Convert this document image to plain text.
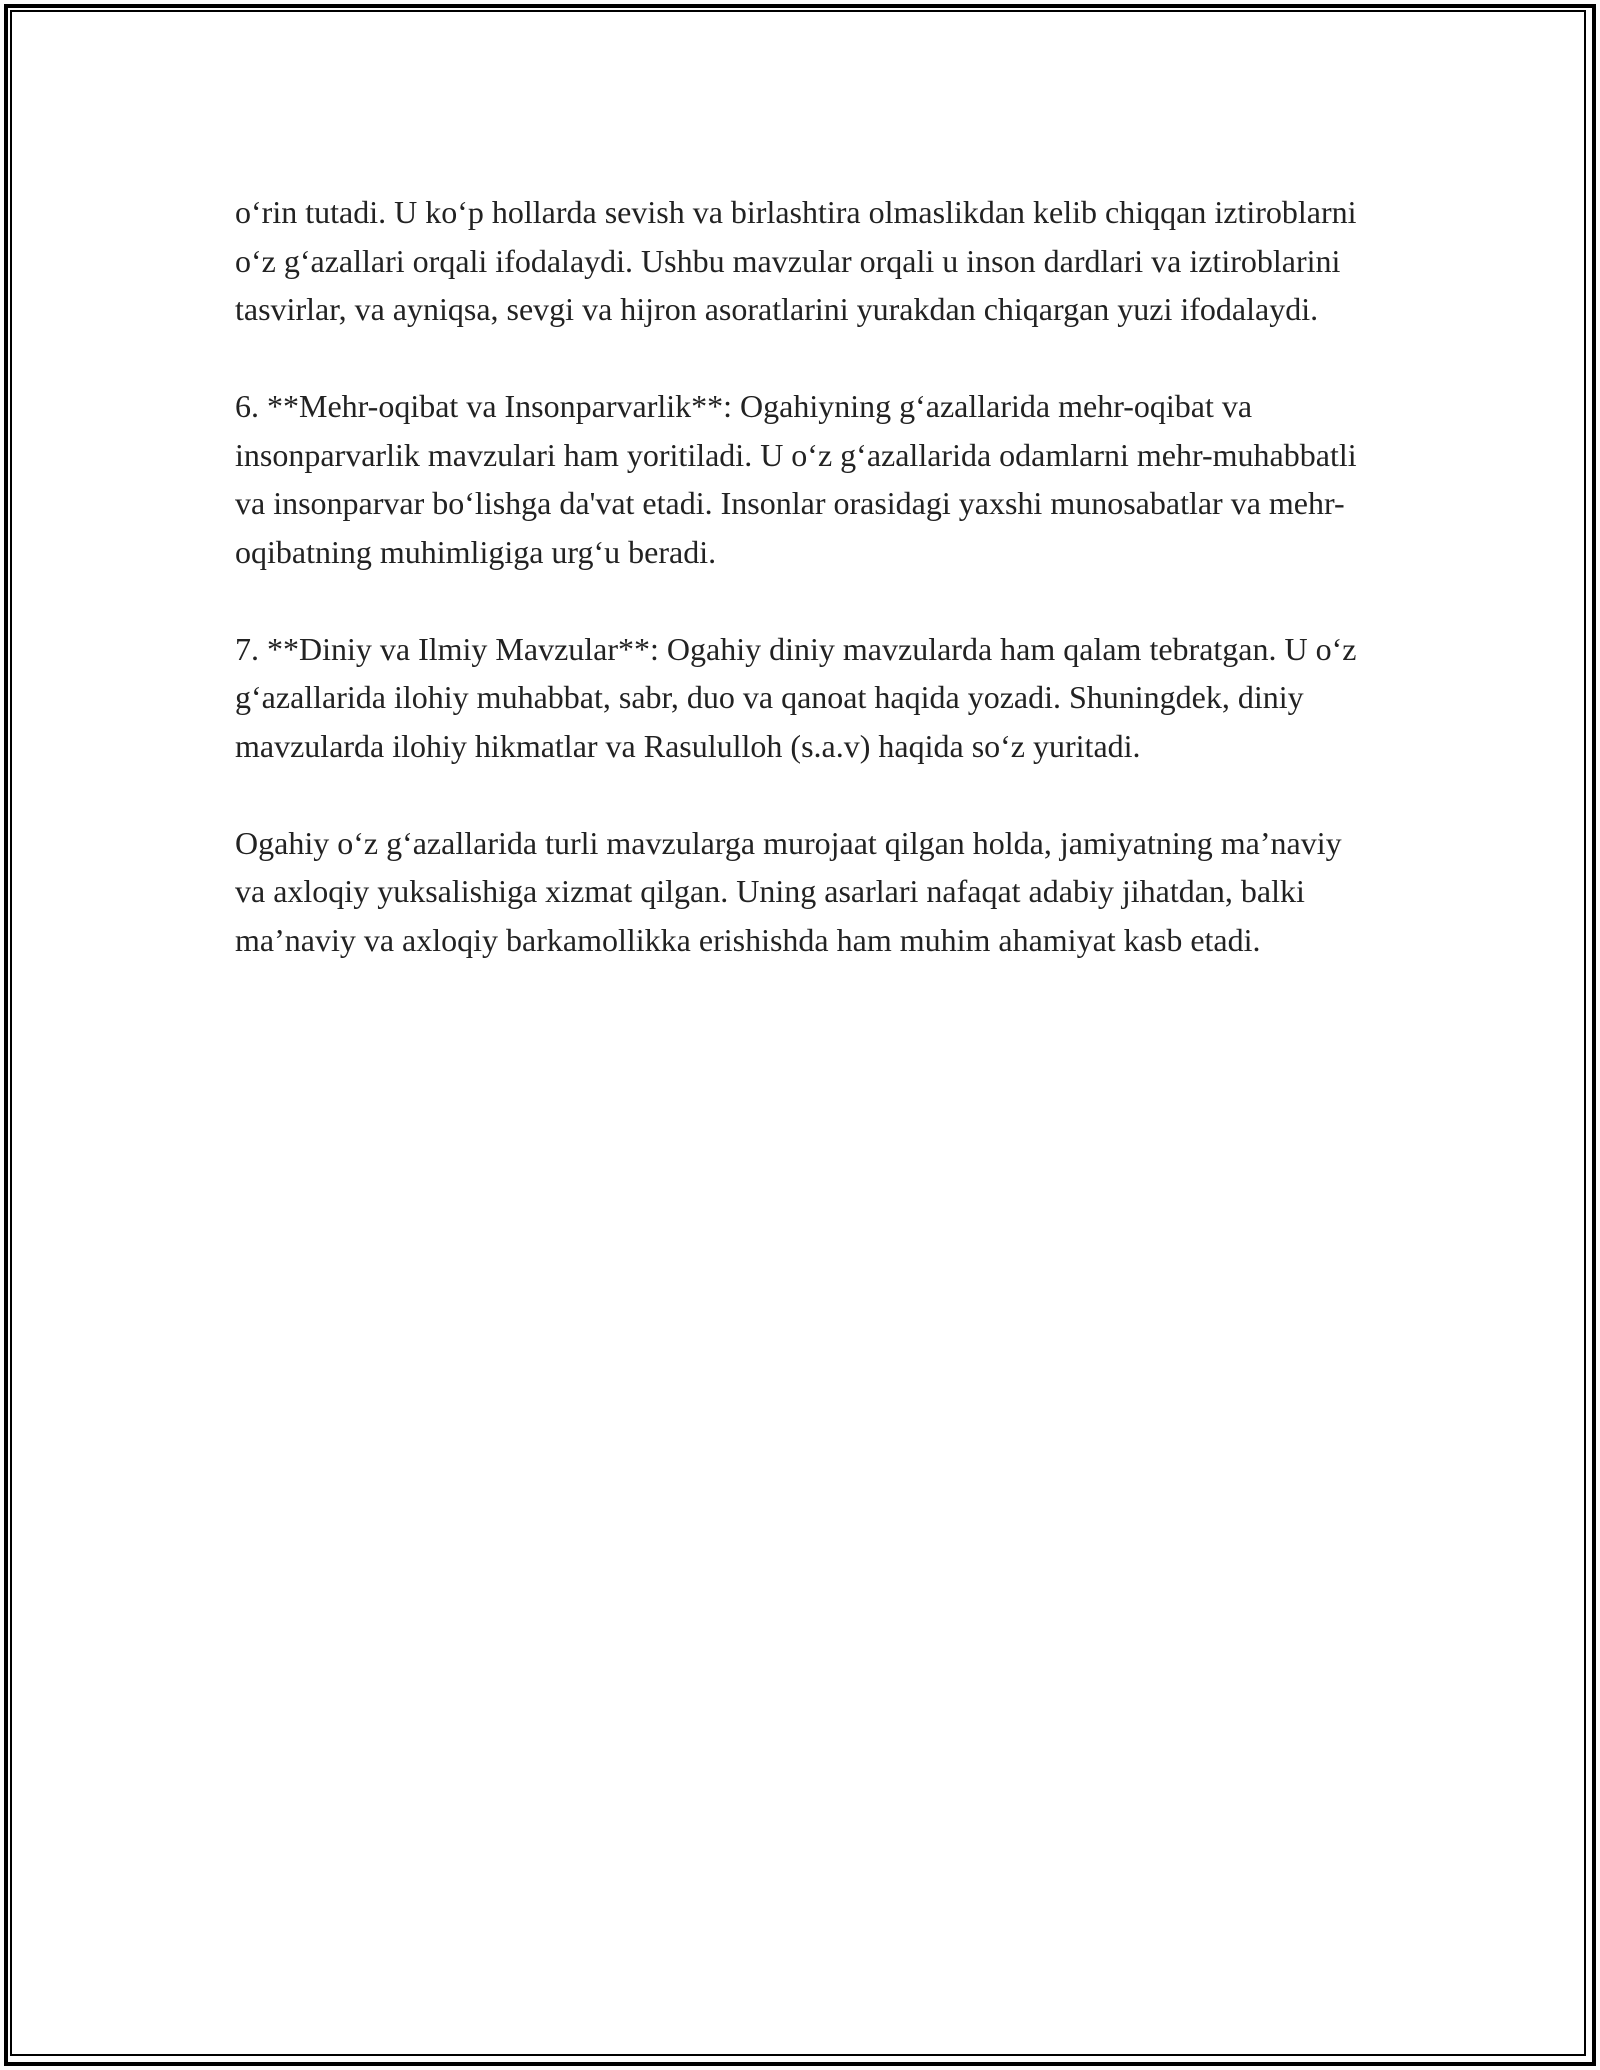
o‘rin tutadi. U ko‘p hollarda sevish va birlashtira olmaslikdan kelib chiqqan iztiroblarni o‘z g‘azallari orqali ifodalaydi. Ushbu mavzular orqali u inson dardlari va iztiroblarini tasvirlar, va ayniqsa, sevgi va hijron asoratlarini yurakdan chiqargan yuzi ifodalaydi.

6. **Mehr-oqibat va Insonparvarlik**: Ogahiyning g‘azallarida mehr-oqibat va insonparvarlik mavzulari ham yoritiladi. U o‘z g‘azallarida odamlarni mehr-muhabbatli va insonparvar bo‘lishga da'vat etadi. Insonlar orasidagi yaxshi munosabatlar va mehr-oqibatning muhimligiga urg‘u beradi.

7. **Diniy va Ilmiy Mavzular**: Ogahiy diniy mavzularda ham qalam tebratgan. U o‘z g‘azallarida ilohiy muhabbat, sabr, duo va qanoat haqida yozadi. Shuningdek, diniy mavzularda ilohiy hikmatlar va Rasululloh (s.a.v) haqida so‘z yuritadi.

Ogahiy o‘z g‘azallarida turli mavzularga murojaat qilgan holda, jamiyatning ma’naviy va axloqiy yuksalishiga xizmat qilgan. Uning asarlari nafaqat adabiy jihatdan, balki ma’naviy va axloqiy barkamollikka erishishda ham muhim ahamiyat kasb etadi.
